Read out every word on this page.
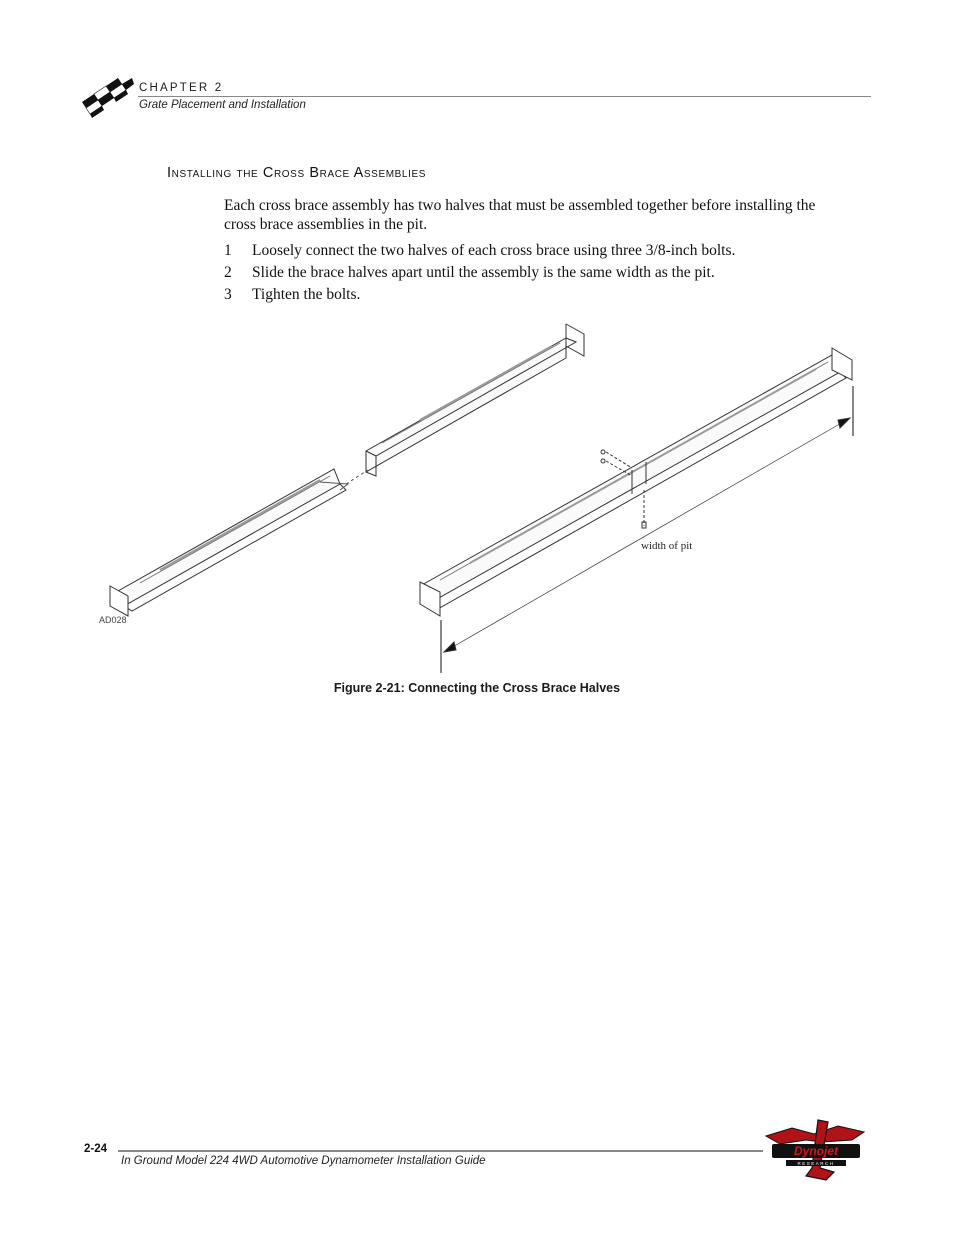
CHAPTER 2
Grate Placement and Installation
Installing the Cross Brace Assemblies
Each cross brace assembly has two halves that must be assembled together before installing the cross brace assemblies in the pit.
1 Loosely connect the two halves of each cross brace using three 3/8-inch bolts.
2 Slide the brace halves apart until the assembly is the same width as the pit.
3 Tighten the bolts.
AD028
width of pit
Figure 2-21: Connecting the Cross Brace Halves
2-24
In Ground Model 224 4WD Automotive Dynamometer Installation Guide
Dynojet
RESEARCH
